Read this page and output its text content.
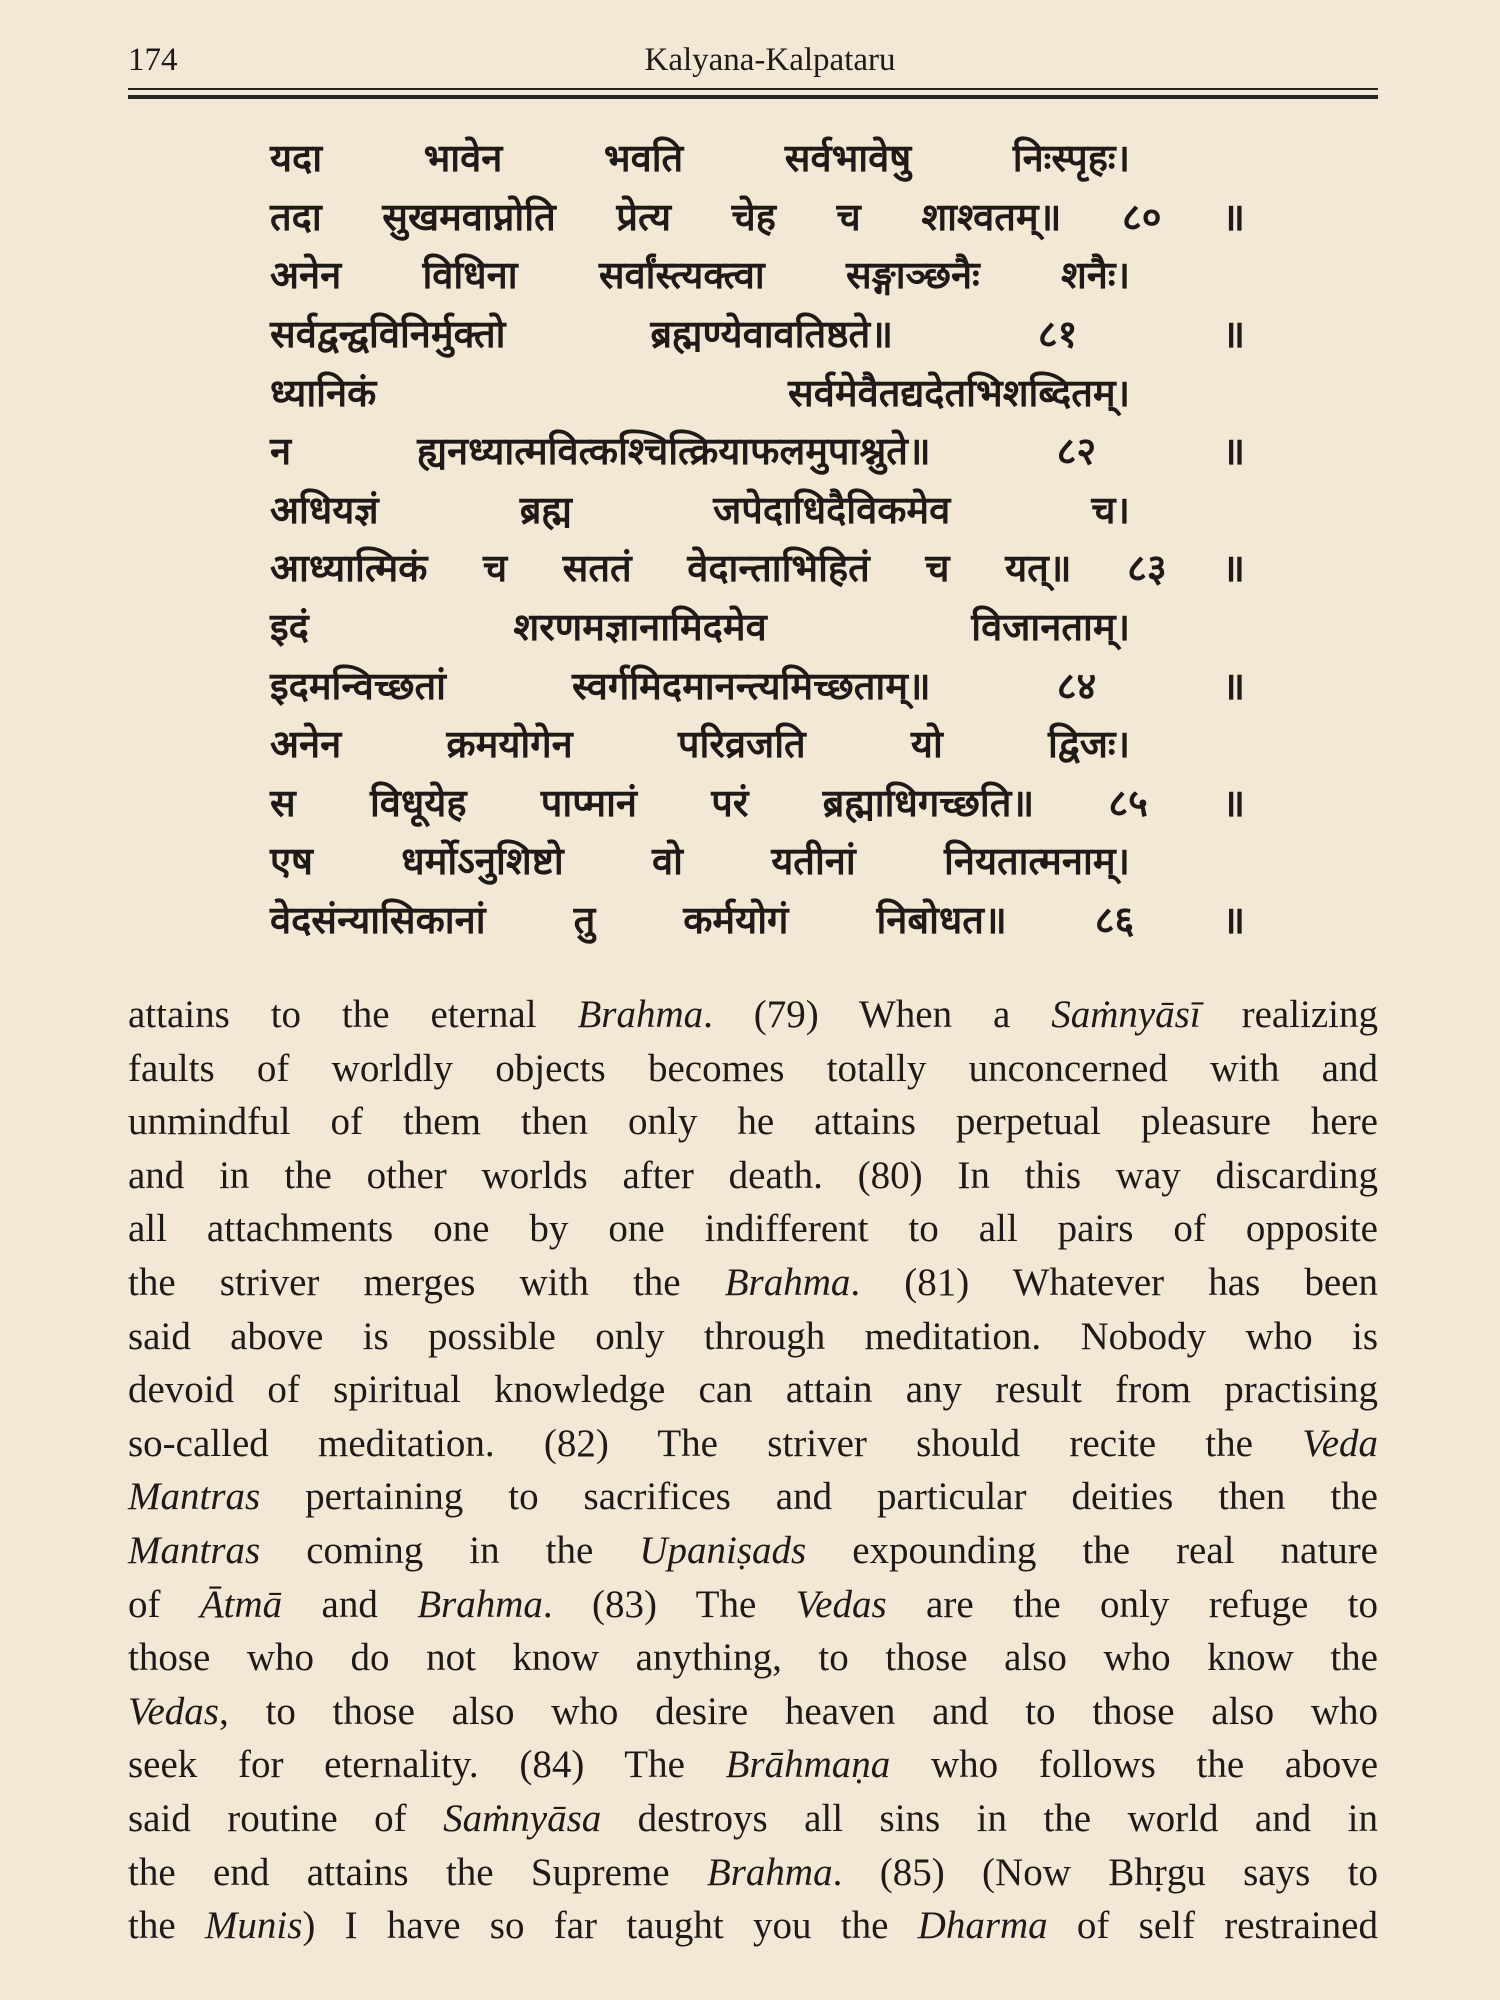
174	Kalyana-Kalpataru
यदा	भावेन	भवति	सर्वभावेषु	निःस्पृहः।
तदा सुखमवाप्नोति प्रेत्य चेह च शाश्वतम्॥ ८० ॥
अनेन विधिना सर्वांस्त्यक्त्वा सङ्गाञ्छनैः शनैः।
सर्वद्वन्द्वविनिर्मुक्तो	ब्रह्मण्येवावतिष्ठते॥	८१	॥
ध्यानिकं	सर्वमेवैतद्यदेतभिशब्दितम्।
न	ह्यनध्यात्मवित्कश्चित्क्रियाफलमुपाश्नुते॥	८२	॥
अधियज्ञं	ब्रह्म	जपेदाधिदैविकमेव	च।
आध्यात्मिकं च सततं वेदान्ताभिहितं च यत्॥ ८३ ॥
इदं	शरणमज्ञानामिदमेव	विजानताम्।
इदमन्विच्छतां	स्वर्गमिदमानन्त्यमिच्छताम्॥	८४	॥
अनेन	क्रमयोगेन	परिव्रजति	यो	द्विजः।
स विधूयेह पाप्मानं परं ब्रह्माधिगच्छति॥ ८५ ॥
एष धर्मोऽनुशिष्टो वो यतीनां नियतात्मनाम्।
वेदसंन्यासिकानां तु कर्मयोगं निबोधत॥ ८६ ॥
attains to the eternal Brahma. (79) When a Saṁnyāsī realizing
faults of worldly objects becomes totally unconcerned with and
unmindful of them then only he attains perpetual pleasure here
and in the other worlds after death. (80) In this way discarding
all attachments one by one indifferent to all pairs of opposite
the striver merges with the Brahma. (81) Whatever has been
said above is possible only through meditation. Nobody who is
devoid of spiritual knowledge can attain any result from practising
so-called meditation. (82) The striver should recite the Veda
Mantras pertaining to sacrifices and particular deities then the
Mantras coming in the Upaniṣads expounding the real nature
of Ātmā and Brahma. (83) The Vedas are the only refuge to
those who do not know anything, to those also who know the
Vedas, to those also who desire heaven and to those also who
seek for eternality. (84) The Brāhmaṇa who follows the above
said routine of Saṁnyāsa destroys all sins in the world and in
the end attains the Supreme Brahma. (85) (Now Bhṛgu says to
the Munis) I have so far taught you the Dharma of self restrained
